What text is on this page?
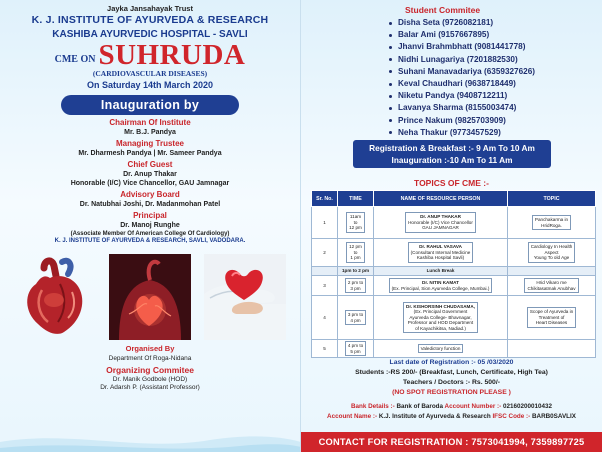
Jayka Jansahayak Trust
K. J. INSTITUTE OF AYURVEDA & RESEARCH
KASHIBA AYURVEDIC HOSPITAL - SAVLI
CME ON SUHRUDA
(CARDIOVASCULAR DISEASES)
On Saturday 14th March 2020
Inauguration by
Chairman Of Institute
Mr. B.J. Pandya
Managing Trustee
Mr. Dharmesh Pandya | Mr. Sameer Pandya
Chief Guest
Dr. Anup Thakar
Honorable (I/C) Vice Chancellor, GAU Jamnagar
Advisory Board
Dr. Natubhai Joshi, Dr. Madanmohan Patel
Principal
Dr. Manoj Runghe
(Associate Member Of American College Of Cardiology)
K. J. INSTITUTE OF AYURVEDA & RESEARCH, SAVLI, VADODARA.
Organised By
Department Of Roga-Nidana
Organizing Commitee
Dr. Manik Godbole (HOD)
Dr. Adarsh P. (Assistant Professor)
Student Commitee
Disha Seta (9726082181)
Balar Ami (9157667895)
Jhanvi Brahmbhatt (9081441778)
Nidhi Lunagariya (7201882530)
Suhani Manavadariya (6359327626)
Keval Chaudhari (9638718449)
Niketu Pandya (9408712211)
Lavanya Sharma (8155003474)
Prince Nakum (9825703909)
Neha Thakur (9773457529)
Registration & Breakfast :- 9 Am To 10 Am
Inauguration :-10 Am To 11 Am
TOPICS OF CME :-
Sr. No.	TIME	NAME OF RESOURCE PERSON	TOPIC
1	11am
to
12 pm	Dr. ANUP THAKAR
Honorable (I/C) Vice Chancellor
GAU JAMNAGAR	Panchakarma in
HridRoga.

2	12 pm
to
1 pm	Dr. RAHUL VASAVA
(Consultant Internal Medicine
Kashiba Hospital Savli)	Cardiology In Health
Aspect
Young To old Age

	1pm to 2 pm	Lunch Break	
3	2 pm to
3 pm	Dr. NITIN KAMAT
(Ex. Principal, Sion Ayurveda College, Mumbai.)	Hrid Vikaro me
Chikitasatmak Anubhav

4	3 pm to
4 pm	Dr. KISHORSINH CHUDASAMA,
(Ex. Principal Government
Ayurveda College- Bhavnagar,
Professor and HOD Department
of Kayachikitsa, Nadiad.)	Scope of Ayurveda in
Treatment of
Heart Diseases

5	4 pm to
5 pm	Valedictory function	

Last date of Registration :- 05 /03/2020
Students :-RS 200/- (Breakfast, Lunch, Certificate, High Tea)
Teachers / Doctors :- Rs. 500/-
(NO SPOT REGISTRATION PLEASE )
Bank Details :- Bank of Baroda Account Number :- 02160200010432
Account Name :- K.J. Institute of Ayurveda & Research IFSC Code :- BARB0SAVLIX
CONTACT FOR REGISTRATION : 7573041994, 7359897725
